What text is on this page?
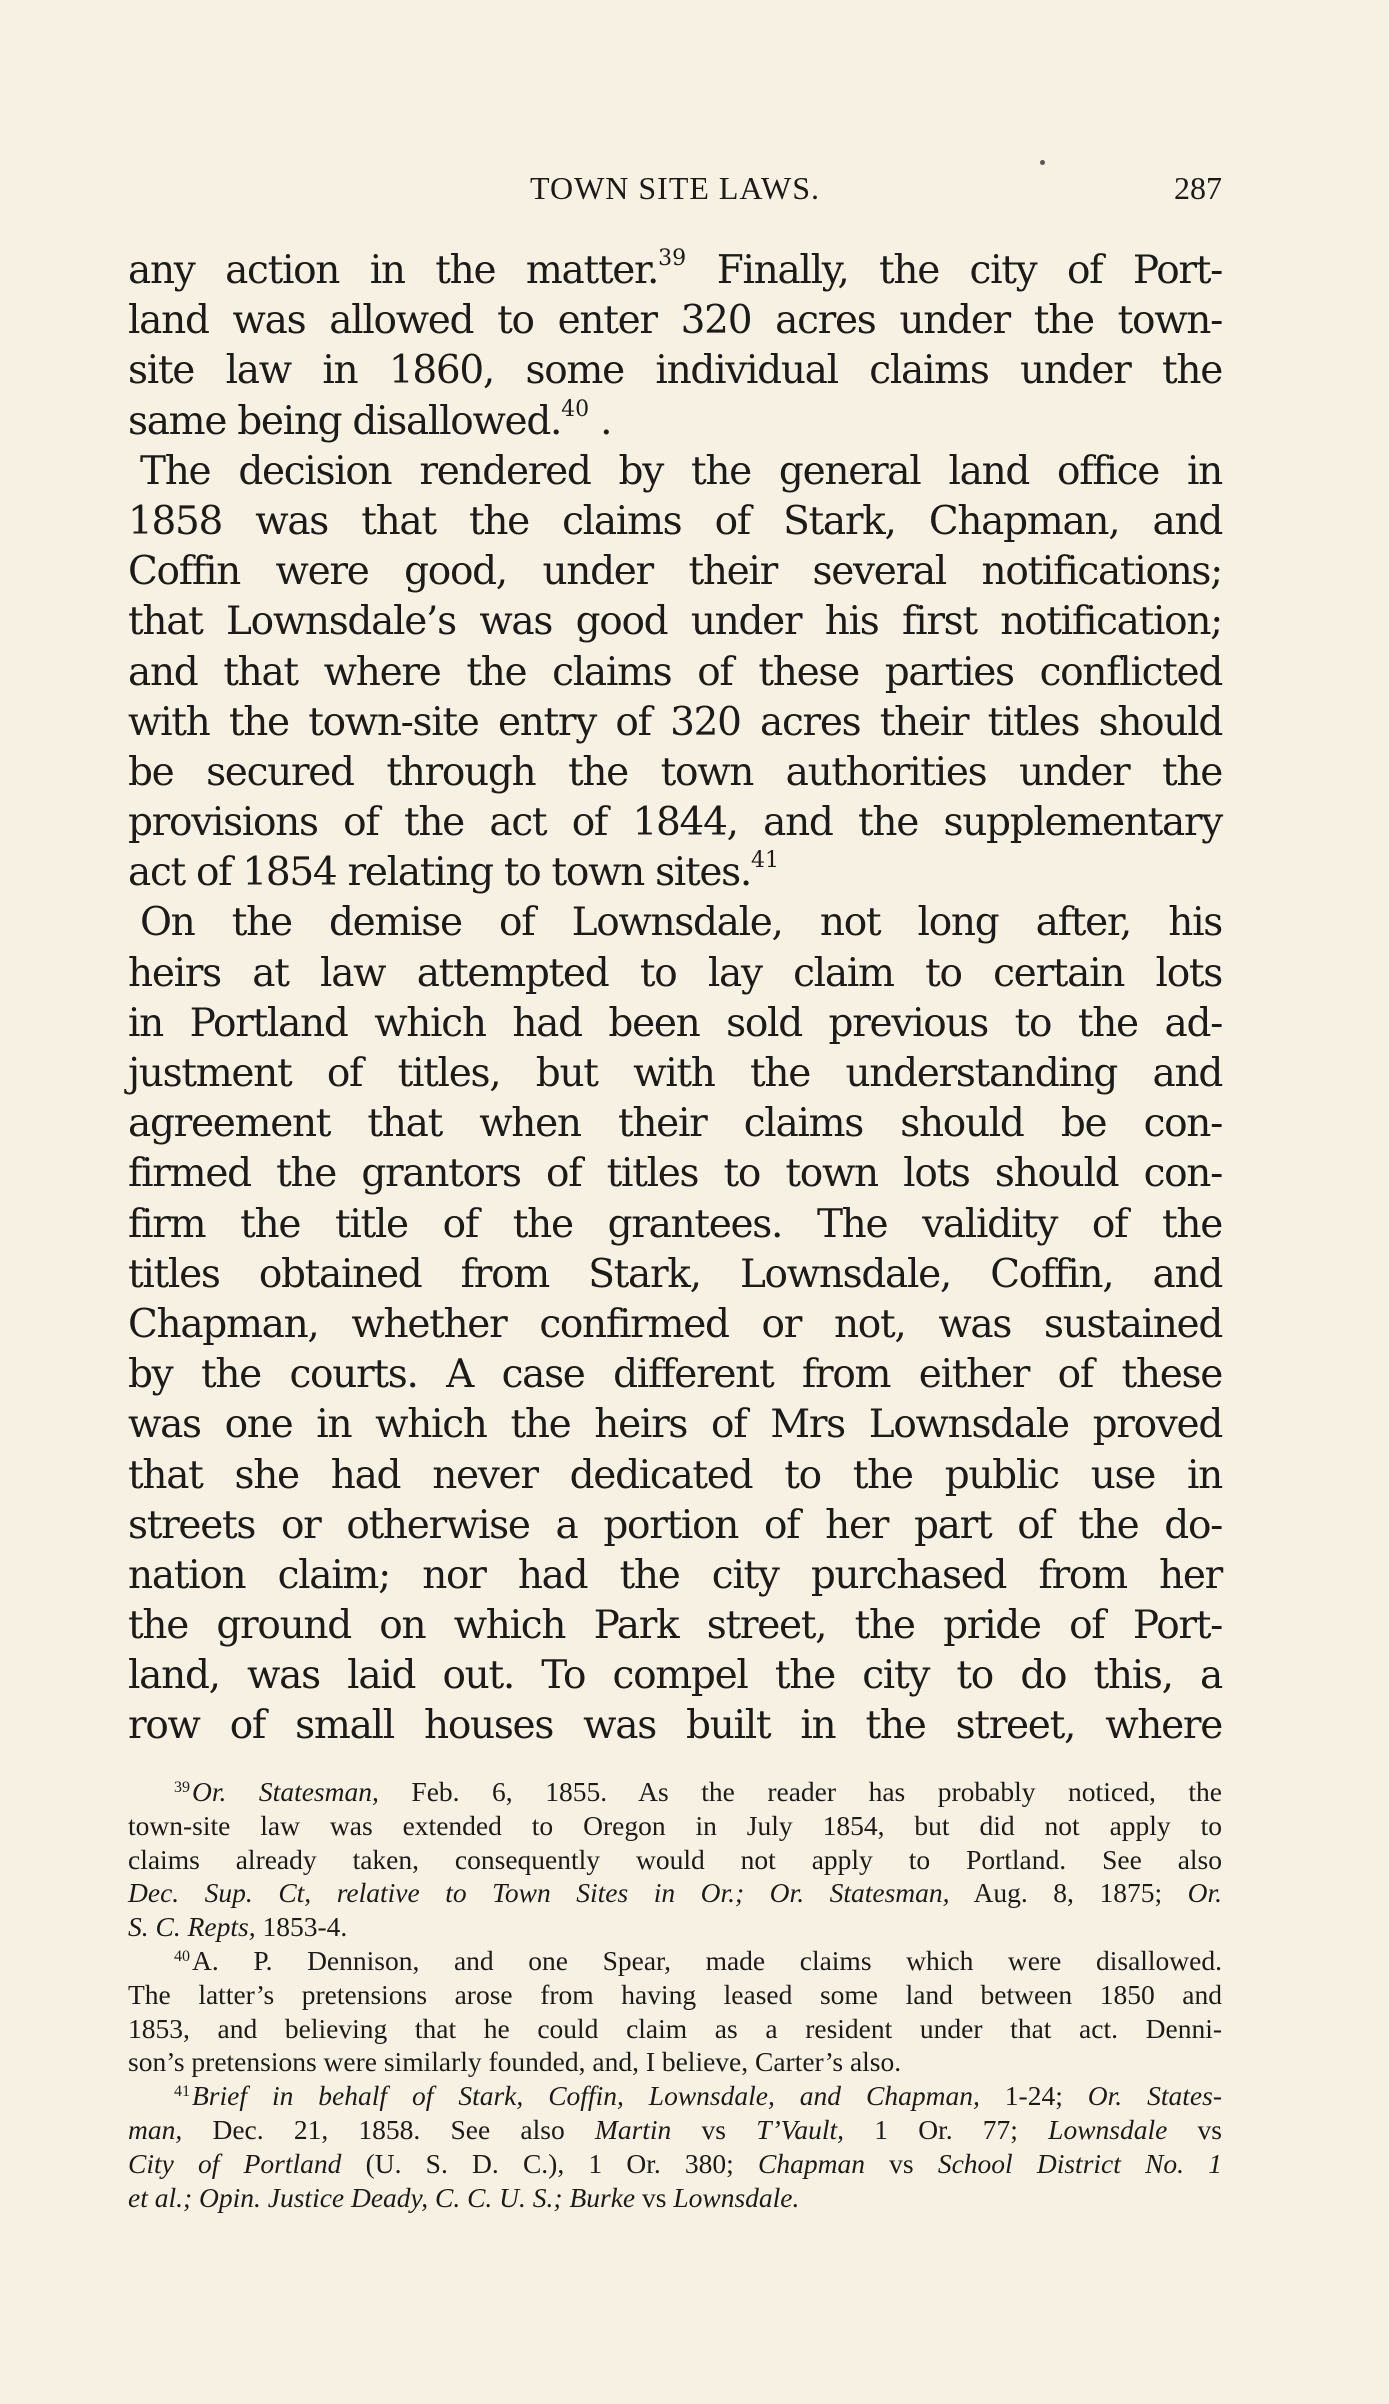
TOWN SITE LAWS.	287
any action in the matter.$^{39}$ Finally, the city of Port-
land was allowed to enter 320 acres under the town-
site law in 1860, some individual claims under the
same being disallowed.$^{40}$ .
The decision rendered by the general land office in
1858 was that the claims of Stark, Chapman, and
Coffin were good, under their several notifications;
that Lownsdale’s was good under his first notification;
and that where the claims of these parties conflicted
with the town-site entry of 320 acres their titles should
be secured through the town authorities under the
provisions of the act of 1844, and the supplementary
act of 1854 relating to town sites.$^{41}$
On the demise of Lownsdale, not long after, his
heirs at law attempted to lay claim to certain lots
in Portland which had been sold previous to the ad-
justment of titles, but with the understanding and
agreement that when their claims should be con-
firmed the grantors of titles to town lots should con-
firm the title of the grantees. The validity of the
titles obtained from Stark, Lownsdale, Coffin, and
Chapman, whether confirmed or not, was sustained
by the courts. A case different from either of these
was one in which the heirs of Mrs Lownsdale proved
that she had never dedicated to the public use in
streets or otherwise a portion of her part of the do-
nation claim; nor had the city purchased from her
the ground on which Park street, the pride of Port-
land, was laid out. To compel the city to do this, a
row of small houses was built in the street, where
$^{39}$Or. Statesman, Feb. 6, 1855. As the reader has probably noticed, the
town-site law was extended to Oregon in July 1854, but did not apply to
claims already taken, consequently would not apply to Portland. See also
Dec. Sup. Ct, relative to Town Sites in Or.; Or. Statesman, Aug. 8, 1875; Or.
S. C. Repts, 1853-4.
$^{40}$A. P. Dennison, and one Spear, made claims which were disallowed.
The latter’s pretensions arose from having leased some land between 1850 and
1853, and believing that he could claim as a resident under that act. Denni-
son’s pretensions were similarly founded, and, I believe, Carter’s also.
$^{41}$Brief in behalf of Stark, Coffin, Lownsdale, and Chapman, 1-24; Or. States-
man, Dec. 21, 1858. See also Martin vs T’Vault, 1 Or. 77; Lownsdale vs
City of Portland (U. S. D. C.), 1 Or. 380; Chapman vs School District No. 1
et al.; Opin. Justice Deady, C. C. U. S.; Burke vs Lownsdale.
